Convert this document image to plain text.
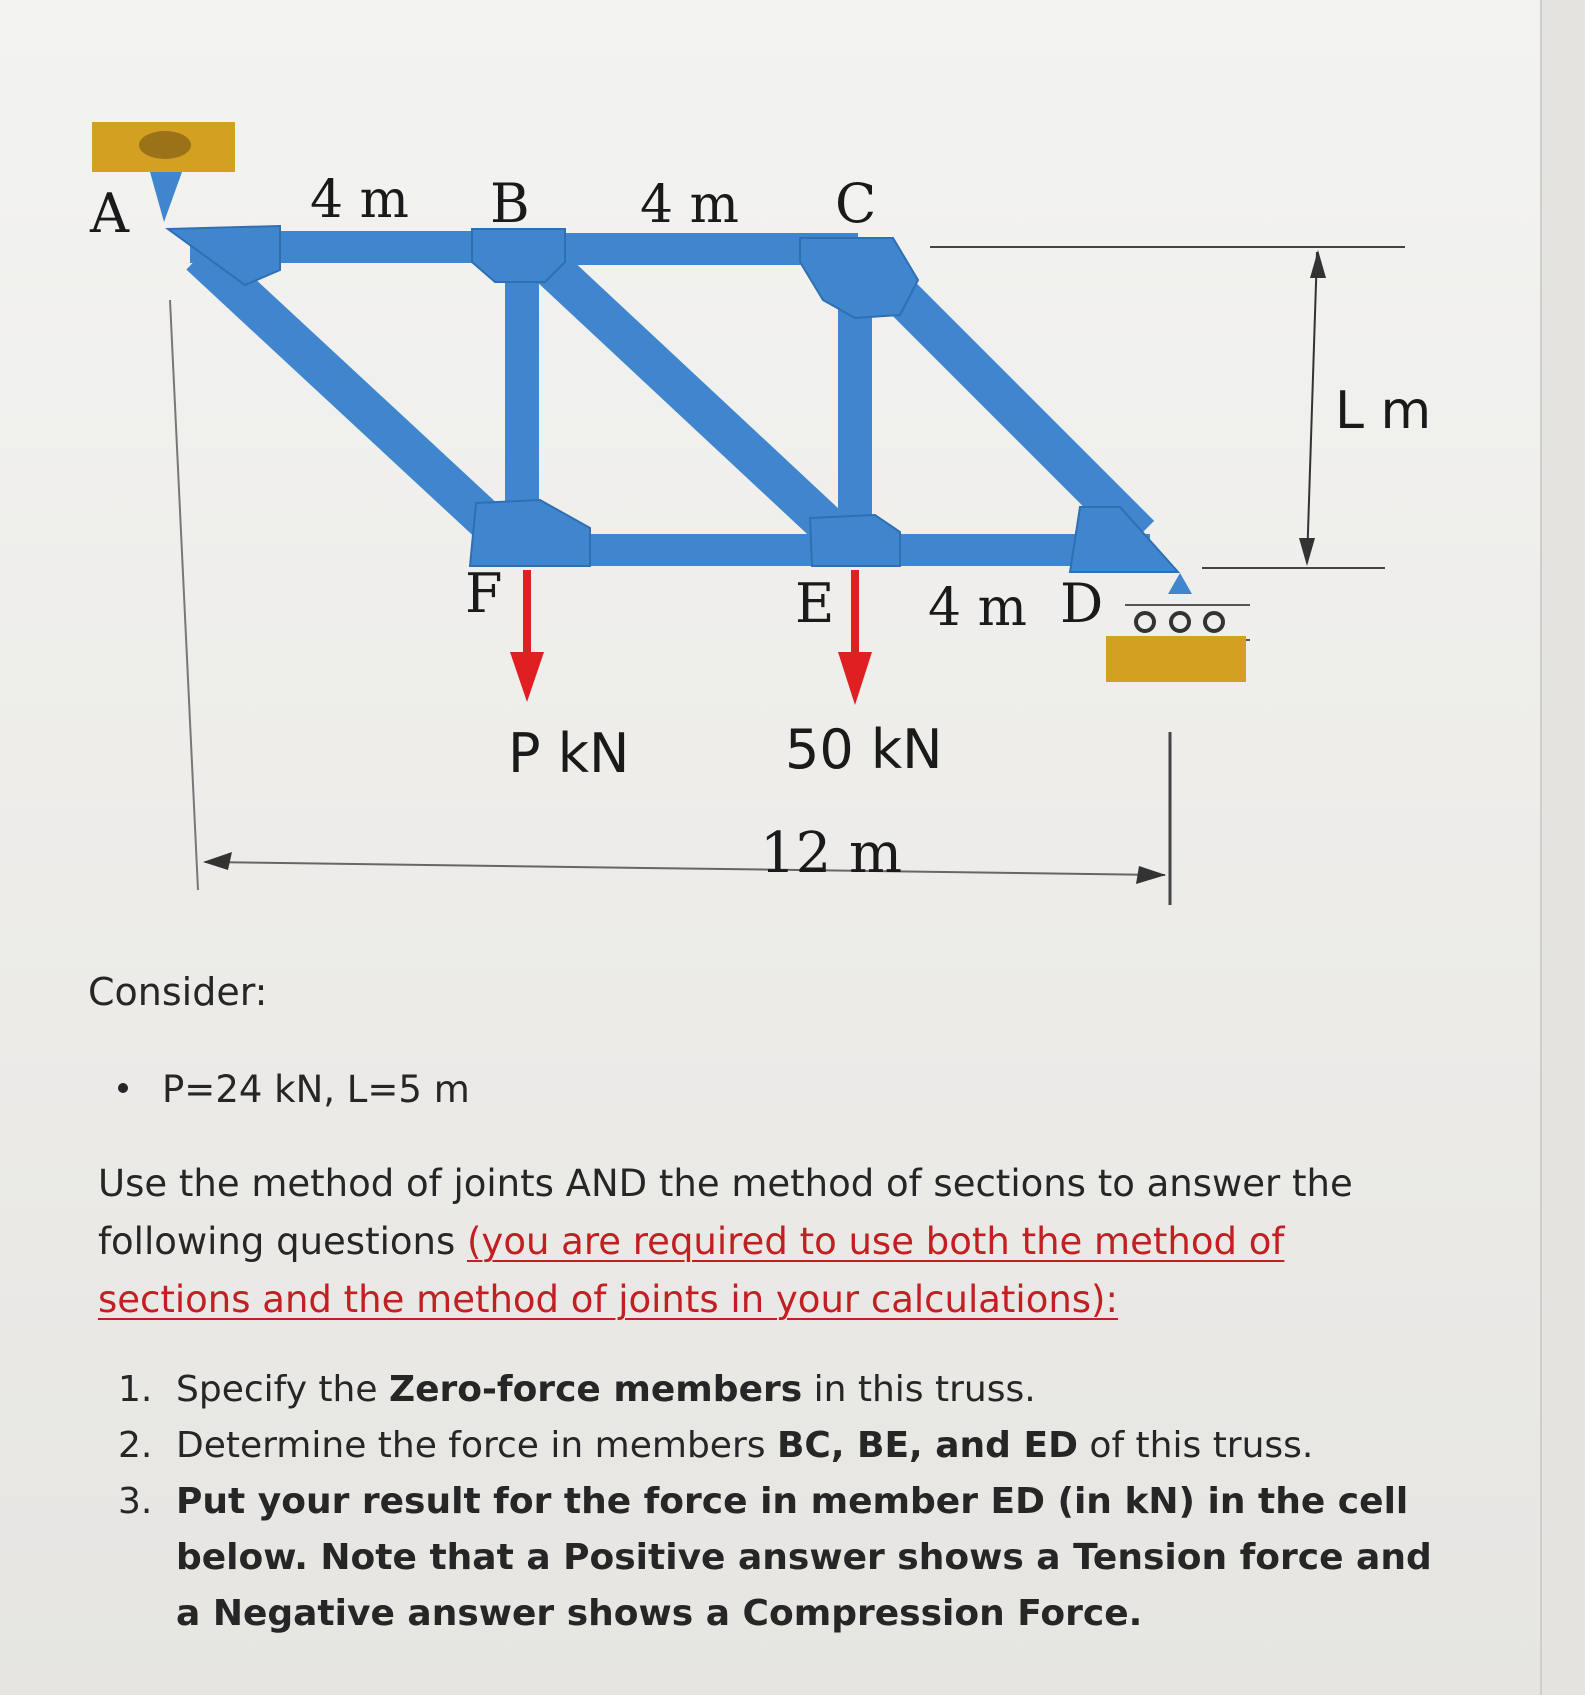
A	4 m B 4 m C
F	E 4 m D
P kN	50 kN
12 m
L m
Consider:
P=24 kN, L=5 m
Use the method of joints AND the method of sections to answer the following questions (you are required to use both the method of sections and the method of joints in your calculations):
1. Specify the Zero-force members in this truss.
2. Determine the force in members BC, BE, and ED of this truss.
3. Put your result for the force in member ED (in kN) in the cell below. Note that a Positive answer shows a Tension force and a Negative answer shows a Compression Force.
